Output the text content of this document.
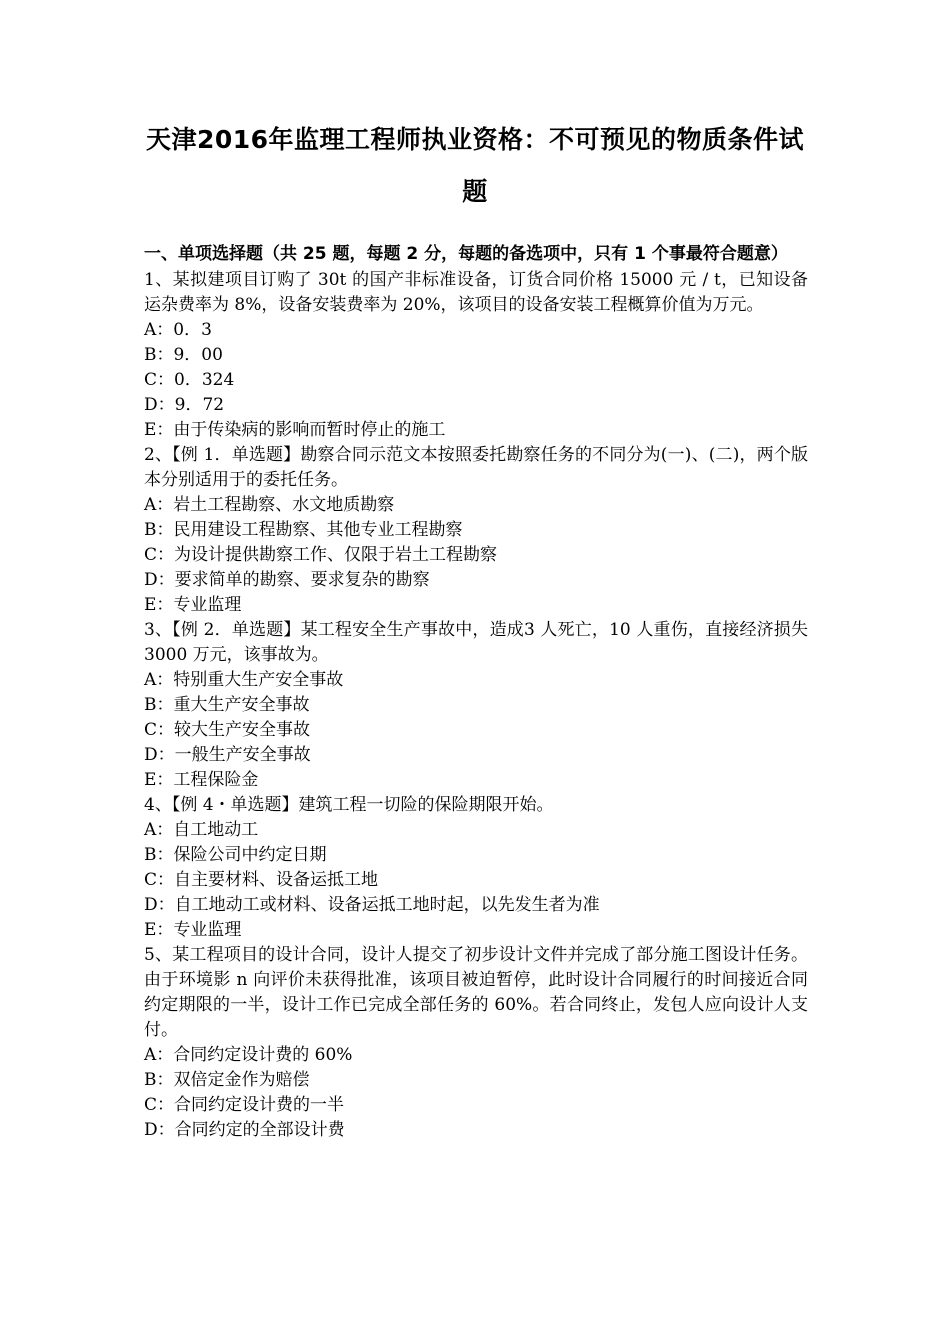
天津2016年监理工程师执业资格：不可预见的物质条件试题
一、单项选择题（共 25 题，每题 2 分，每题的备选项中，只有 1 个事最符合题意）
1、某拟建项目订购了 30t 的国产非标准设备，订货合同价格 15000 元 / t，已知设备运杂费率为 8%，设备安装费率为 20%，该项目的设备安装工程概算价值为万元。
A：0．3
B：9．00
C：0．324
D：9．72
E：由于传染病的影响而暂时停止的施工
2、【例 1．单选题】勘察合同示范文本按照委托勘察任务的不同分为(一)、(二)，两个版本分别适用于的委托任务。
A：岩土工程勘察、水文地质勘察
B：民用建设工程勘察、其他专业工程勘察
C：为设计提供勘察工作、仅限于岩土工程勘察
D：要求简单的勘察、要求复杂的勘察
E：专业监理
3、【例 2．单选题】某工程安全生产事故中，造成3 人死亡，10 人重伤，直接经济损失 3000 万元，该事故为。
A：特别重大生产安全事故
B：重大生产安全事故
C：较大生产安全事故
D：一般生产安全事故
E：工程保险金
4、【例 4・单选题】建筑工程一切险的保险期限开始。
A：自工地动工
B：保险公司中约定日期
C：自主要材料、设备运抵工地
D：自工地动工或材料、设备运抵工地时起，以先发生者为准
E：专业监理
5、某工程项目的设计合同，设计人提交了初步设计文件并完成了部分施工图设计任务。由于环境影 n 向评价未获得批准，该项目被迫暂停，此时设计合同履行的时间接近合同约定期限的一半，设计工作已完成全部任务的 60%。若合同终止，发包人应向设计人支付。
A：合同约定设计费的 60%
B：双倍定金作为赔偿
C：合同约定设计费的一半
D：合同约定的全部设计费
